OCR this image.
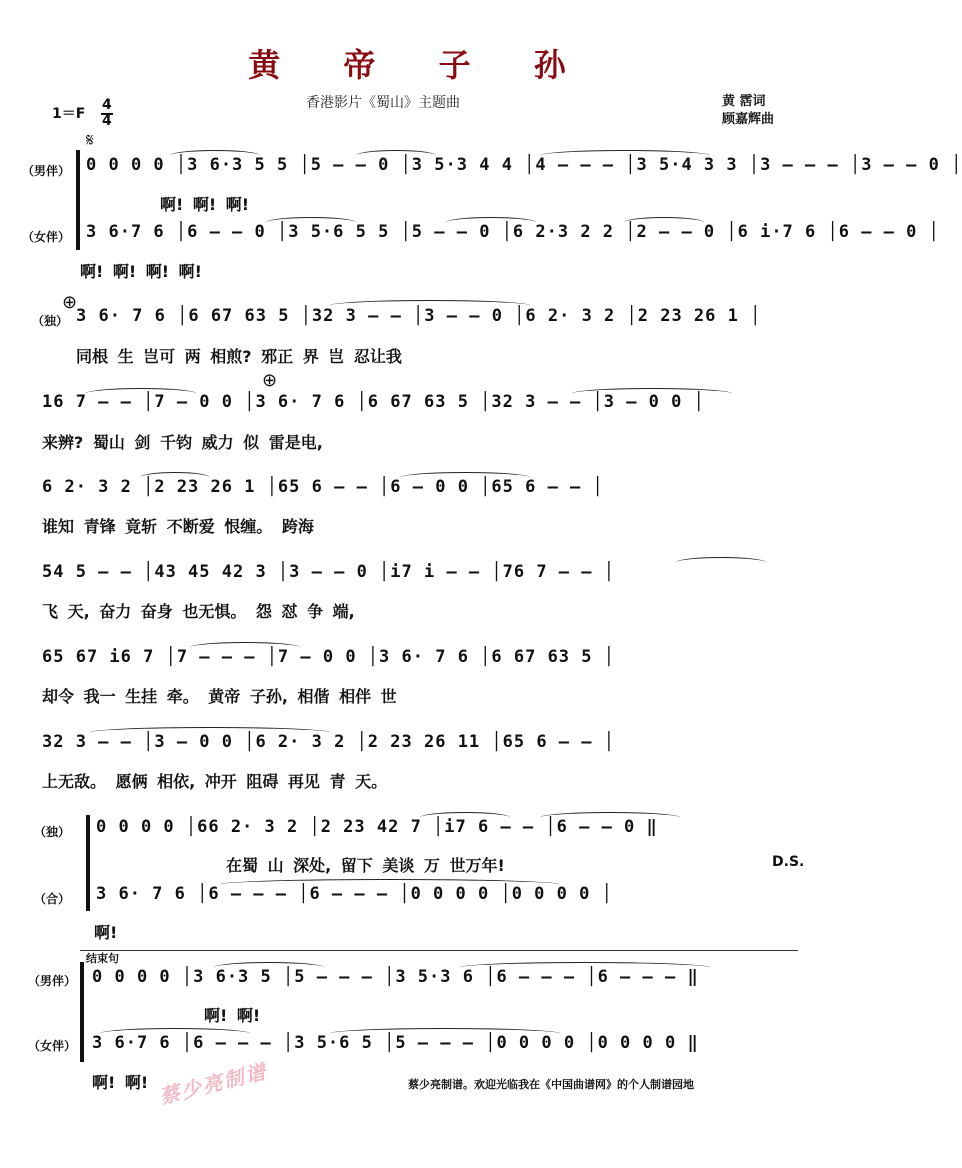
黄 帝 子 孙
香港影片《蜀山》主题曲	黄 霑词
顾嘉辉曲
1＝F
4
4
𝄋
（男伴）
（女伴）
0 0 0 0 │3 6·3 5 5 │5 — — 0 │3 5·3 4 4 │4 — — — │3 5·4 3 3 │3 — — — │3 — — 0 │
啊! 啊! 啊!
3 6·7 6 │6 — — 0 │3 5·6 5 5 │5 — — 0 │6 2·3 2 2 │2 — — 0 │6 i·7 6 │6 — — 0 │
啊! 啊! 啊! 啊!
⊕
（独） 3 6· 7 6 │6 67 63 5 │32 3 — — │3 — — 0 │6 2· 3 2 │2 23 26 1 │
同根 生 岂可 两 相煎? 邪正 界 岂 忍让我
⊕
16 7 — — │7 — 0 0 │3 6· 7 6 │6 67 63 5 │32 3 — — │3 — 0 0 │
来辨? 蜀山 剑 千钧 威力 似 雷是电,
6 2· 3 2 │2 23 26 1 │65 6 — — │6 — 0 0 │65 6 — — │
谁知 青锋 竟斩 不断爱 恨缠。 跨海
54 5 — — │43 45 42 3 │3 — — 0 │i7 i — — │76 7 — — │
飞 天, 奋力 奋身 也无惧。 怨 怼 争 端,
65 67 i6 7 │7 — — — │7 — 0 0 │3 6· 7 6 │6 67 63 5 │
却令 我一 生挂 牵。 黄帝 子孙, 相偕 相伴 世
32 3 — — │3 — 0 0 │6 2· 3 2 │2 23 26 11 │65 6 — — │
上无敌。 愿俩 相依, 冲开 阻碍 再见 青 天。
（独）
（合）
0 0 0 0 │66 2· 3 2 │2 23 42 7 │i7 6 — — │6 — — 0 ‖
在蜀 山 深处, 留下 美谈 万 世万年!	D.S.
3 6· 7 6 │6 — — — │6 — — — │0 0 0 0 │0 0 0 0 │
啊!
结束句
（男伴）
（女伴）
0 0 0 0 │3 6·3 5 │5 — — — │3 5·3 6 │6 — — — │6 — — — ‖
啊! 啊!
3 6·7 6 │6 — — — │3 5·6 5 │5 — — — │0 0 0 0 │0 0 0 0 ‖
啊! 啊! 蔡少亮制谱	蔡少亮制谱。欢迎光临我在《中国曲谱网》的个人制谱园地
